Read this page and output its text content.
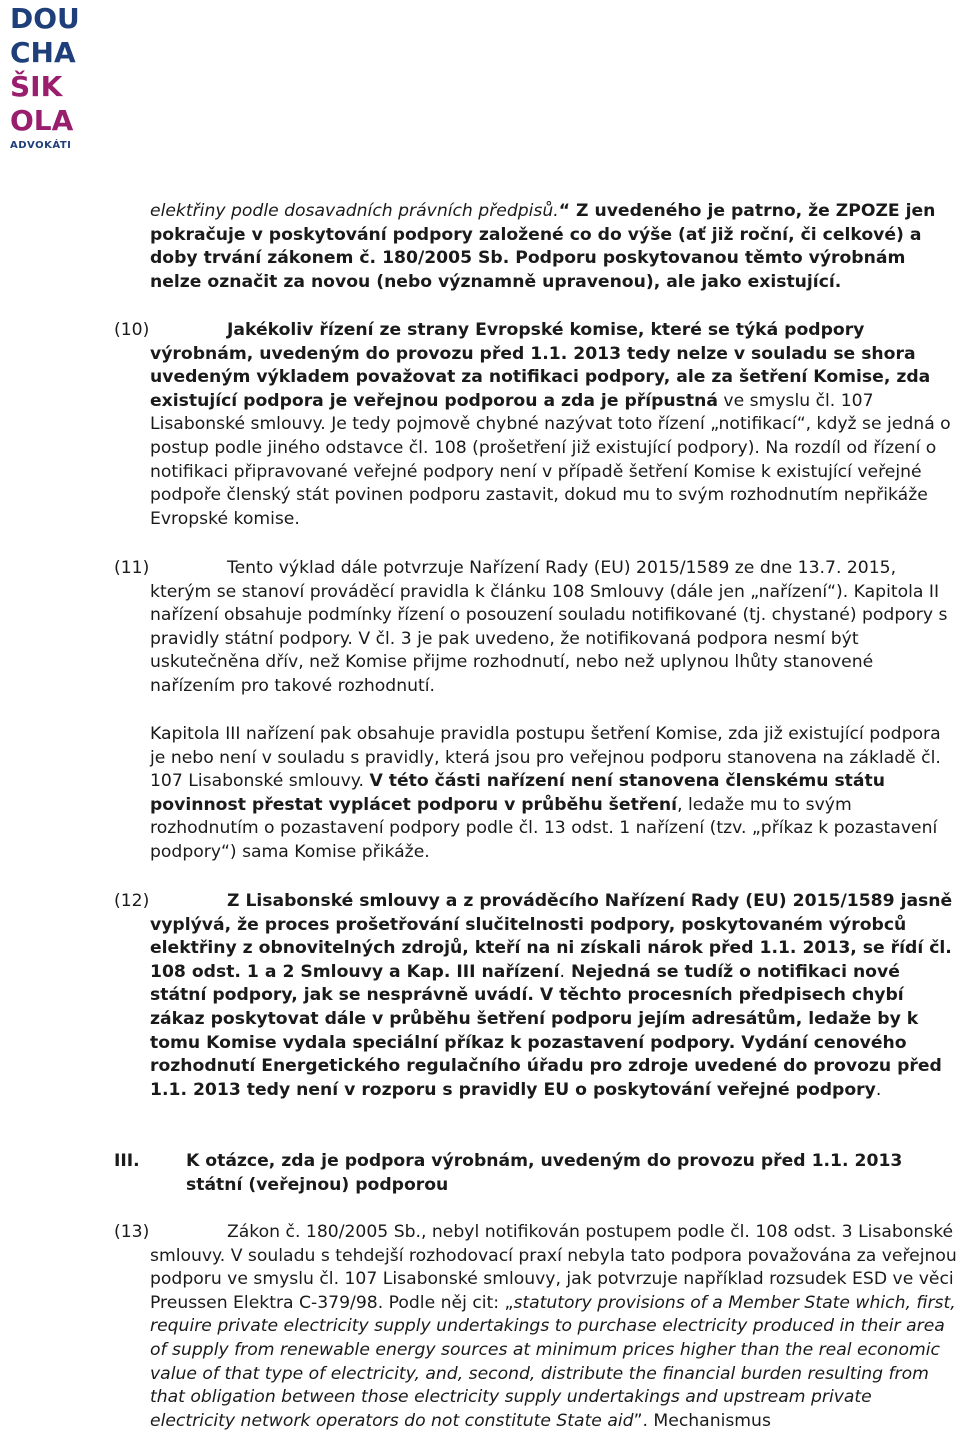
DOU
CHA
ŠIK
OLA
ADVOKÁTI

elektřiny podle dosavadních právních předpisů.“ Z uvedeného je patrno, že ZPOZE jen pokračuje v poskytování podpory založené co do výše (ať již roční, či celkové) a doby trvání zákonem č. 180/2005 Sb. Podporu poskytovanou těmto výrobnám nelze označit za novou (nebo významně upravenou), ale jako existující.

(10)	Jakékoliv řízení ze strany Evropské komise, které se týká podpory výrobnám, uvedeným do provozu před 1.1. 2013 tedy nelze v souladu se shora uvedeným výkladem považovat za notifikaci podpory, ale za šetření Komise, zda existující podpora je veřejnou podporou a zda je přípustná ve smyslu čl. 107 Lisabonské smlouvy. Je tedy pojmově chybné nazývat toto řízení „notifikací“, když se jedná o postup podle jiného odstavce čl. 108 (prošetření již existující podpory). Na rozdíl od řízení o notifikaci připravované veřejné podpory není v případě šetření Komise k existující veřejné podpoře členský stát povinen podporu zastavit, dokud mu to svým rozhodnutím nepřikáže Evropské komise.

(11)	Tento výklad dále potvrzuje Nařízení Rady (EU) 2015/1589 ze dne 13.7. 2015, kterým se stanoví prováděcí pravidla k článku 108 Smlouvy (dále jen „nařízení“). Kapitola II nařízení obsahuje podmínky řízení o posouzení souladu notifikované (tj. chystané) podpory s pravidly státní podpory. V čl. 3 je pak uvedeno, že notifikovaná podpora nesmí být uskutečněna dřív, než Komise přijme rozhodnutí, nebo než uplynou lhůty stanovené nařízením pro takové rozhodnutí.

Kapitola III nařízení pak obsahuje pravidla postupu šetření Komise, zda již existující podpora je nebo není v souladu s pravidly, která jsou pro veřejnou podporu stanovena na základě čl. 107 Lisabonské smlouvy. V této části nařízení není stanovena členskému státu povinnost přestat vyplácet podporu v průběhu šetření, ledaže mu to svým rozhodnutím o pozastavení podpory podle čl. 13 odst. 1 nařízení (tzv. „příkaz k pozastavení podpory“) sama Komise přikáže.

(12)	Z Lisabonské smlouvy a z prováděcího Nařízení Rady (EU) 2015/1589 jasně vyplývá, že proces prošetřování slučitelnosti podpory, poskytovaném výrobců elektřiny z obnovitelných zdrojů, kteří na ni získali nárok před 1.1. 2013, se řídí čl. 108 odst. 1 a 2 Smlouvy a Kap. III nařízení. Nejedná se tudíž o notifikaci nové státní podpory, jak se nesprávně uvádí. V těchto procesních předpisech chybí zákaz poskytovat dále v průběhu šetření podporu jejím adresátům, ledaže by k tomu Komise vydala speciální příkaz k pozastavení podpory. Vydání cenového rozhodnutí Energetického regulačního úřadu pro zdroje uvedené do provozu před 1.1. 2013 tedy není v rozporu s pravidly EU o poskytování veřejné podpory.

III.	K otázce, zda je podpora výrobnám, uvedeným do provozu před 1.1. 2013 státní (veřejnou) podporou

(13)	Zákon č. 180/2005 Sb., nebyl notifikován postupem podle čl. 108 odst. 3 Lisabonské smlouvy. V souladu s tehdejší rozhodovací praxí nebyla tato podpora považována za veřejnou podporu ve smyslu čl. 107 Lisabonské smlouvy, jak potvrzuje například rozsudek ESD ve věci Preussen Elektra C-379/98. Podle něj cit: „statutory provisions of a Member State which, first, require private electricity supply undertakings to purchase electricity produced in their area of supply from renewable energy sources at minimum prices higher than the real economic value of that type of electricity, and, second, distribute the financial burden resulting from that obligation between those electricity supply undertakings and upstream private electricity network operators do not constitute State aid”. Mechanismus
